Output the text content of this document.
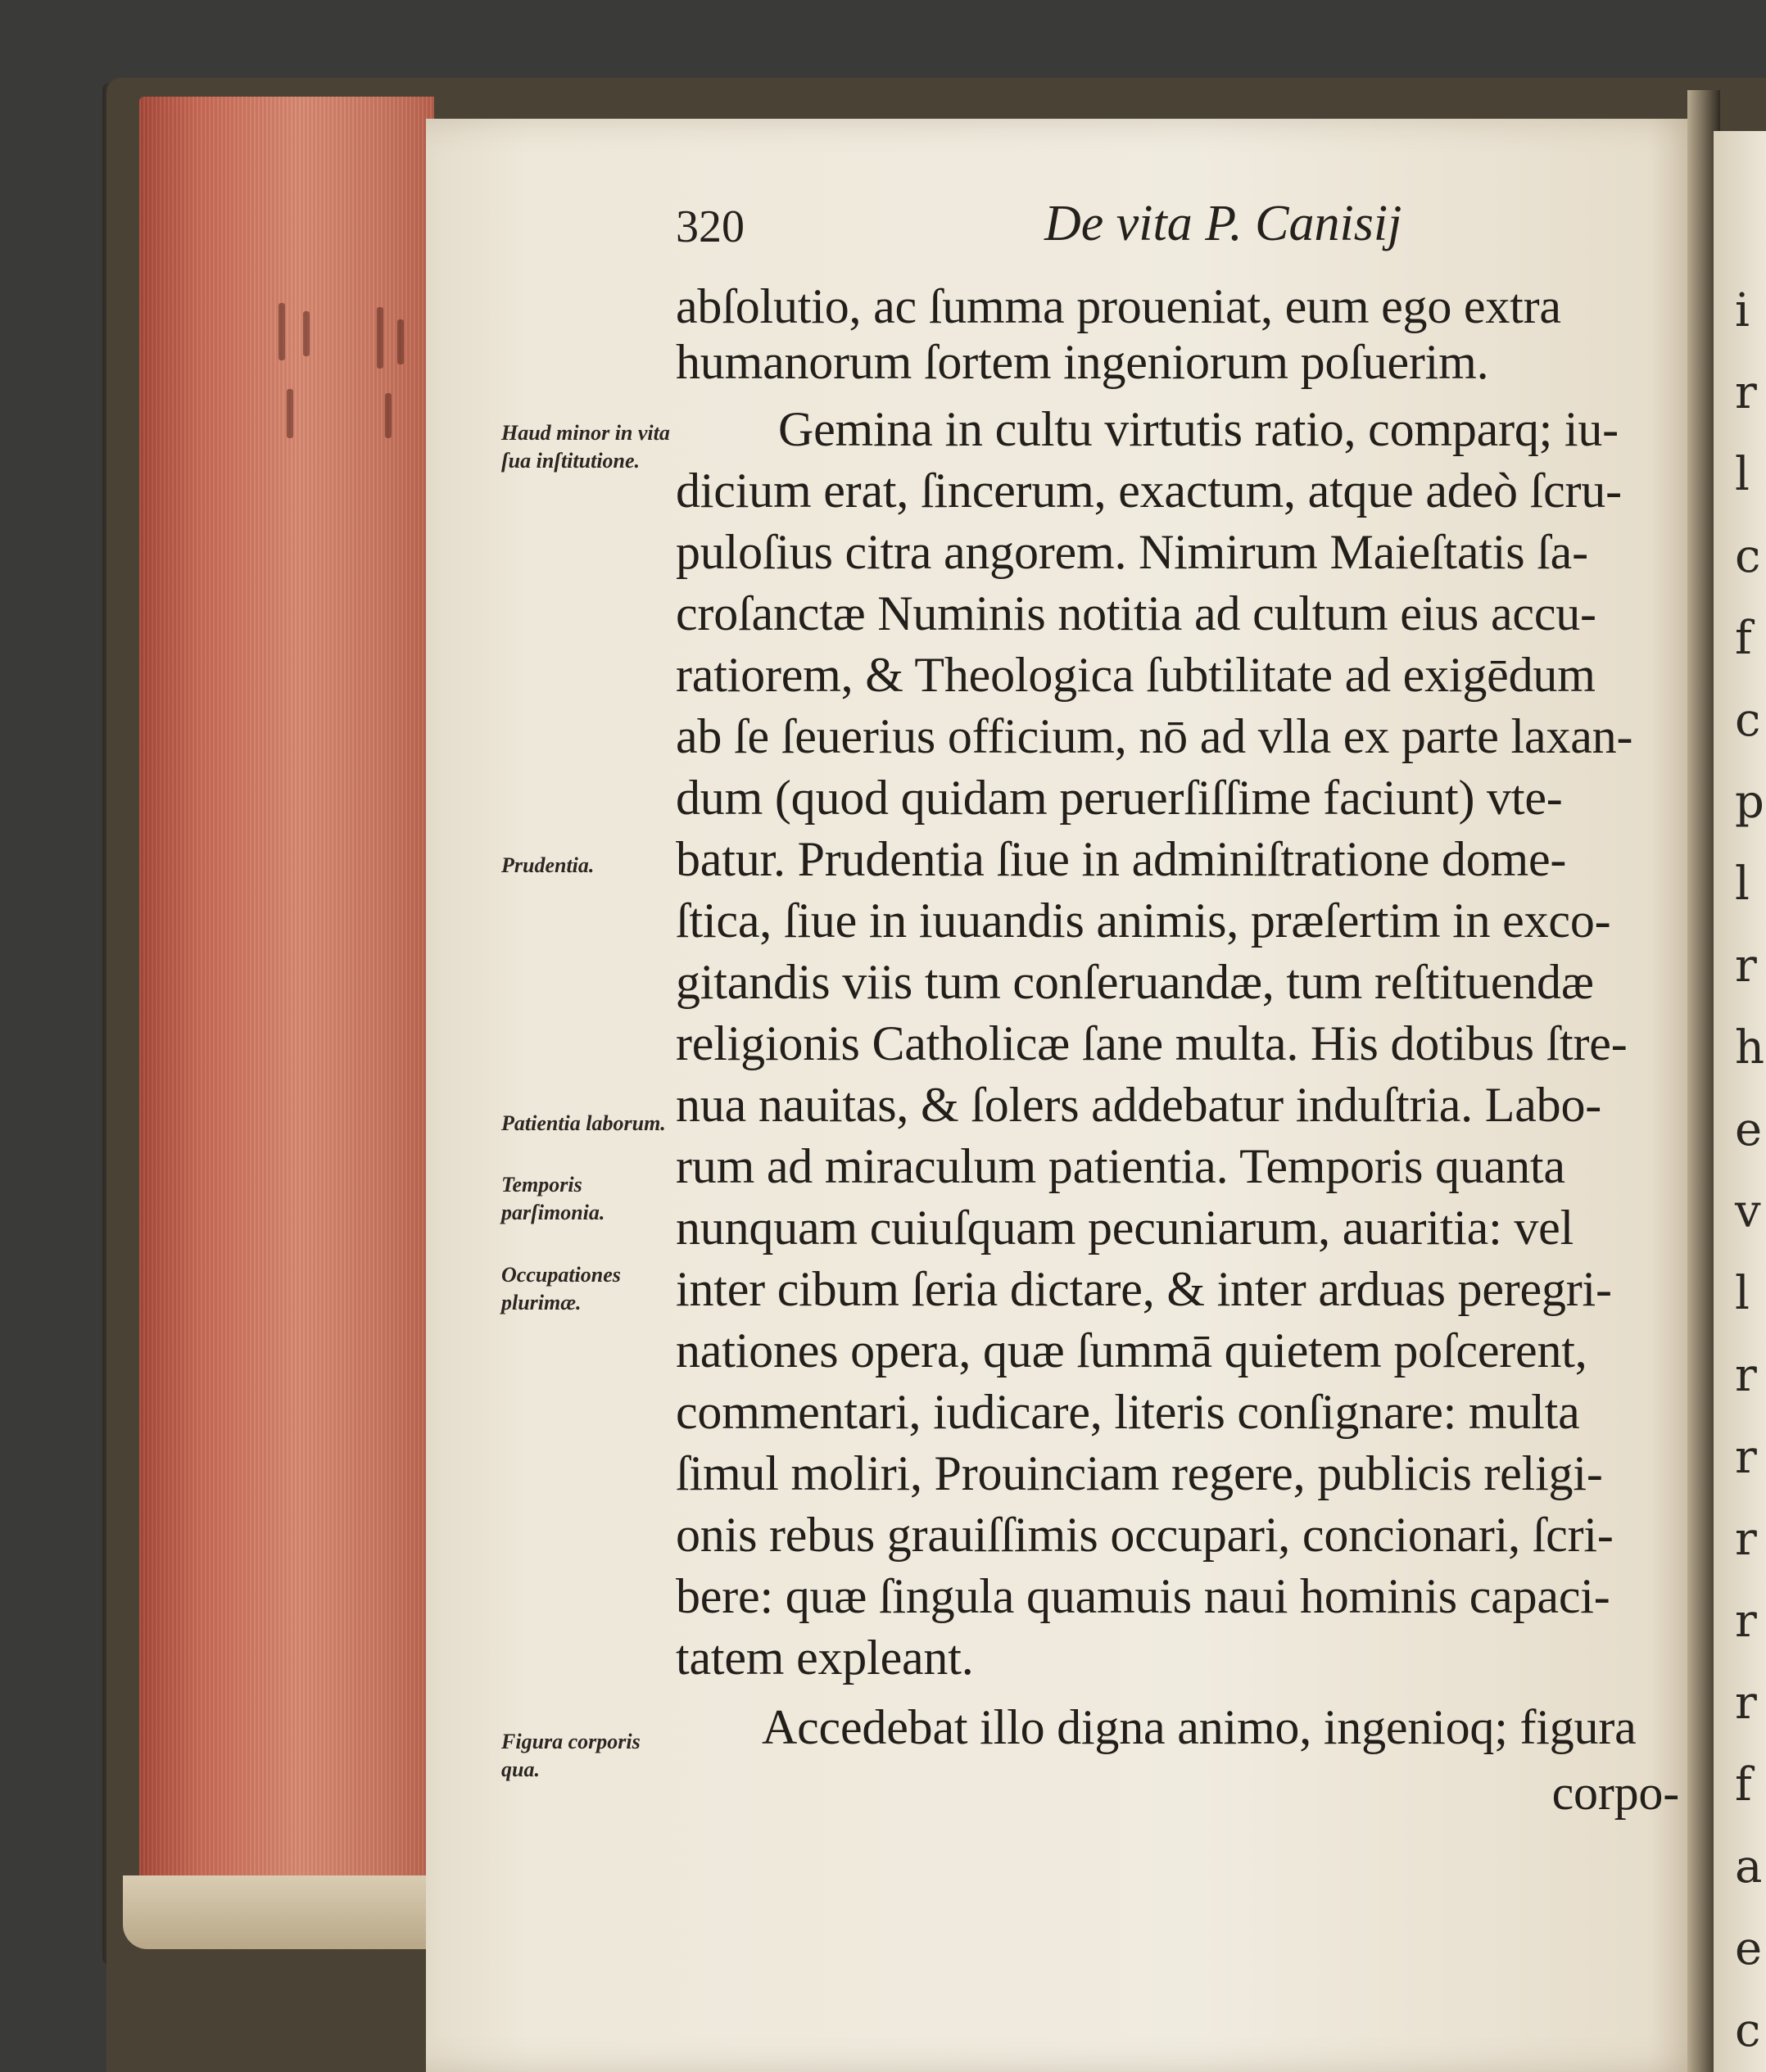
i
r
l
c
f
c
p
l
r
h
e
v
l
r
r
r
r
r
f
a
e
c
320	De vita P. Canisij
abſolutio, ac ſumma proueniat, eum ego extra
humanorum ſortem ingeniorum poſuerim.
Gemina in cultu virtutis ratio, comparq; iu-
dicium erat, ſincerum, exactum, atque adeò ſcru-
puloſius citra angorem. Nimirum Maieſtatis ſa-
croſanctæ Numinis notitia ad cultum eius accu-
ratiorem, & Theologica ſubtilitate ad exigēdum
ab ſe ſeuerius officium, nō ad vlla ex parte laxan-
dum (quod quidam peruerſiſſime faciunt) vte-
batur. Prudentia ſiue in adminiſtratione dome-
ſtica, ſiue in iuuandis animis, præſertim in exco-
gitandis viis tum conſeruandæ, tum reſtituendæ
religionis Catholicæ ſane multa. His dotibus ſtre-
nua nauitas, & ſolers addebatur induſtria. Labo-
rum ad miraculum patientia. Temporis quanta
nunquam cuiuſquam pecuniarum, auaritia: vel
inter cibum ſeria dictare, & inter arduas peregri-
nationes opera, quæ ſummā quietem poſcerent,
commentari, iudicare, literis conſignare: multa
ſimul moliri, Prouinciam regere, publicis religi-
onis rebus grauiſſimis occupari, concionari, ſcri-
bere: quæ ſingula quamuis naui hominis capaci-
tatem expleant.
Accedebat illo digna animo, ingenioq; figura
corpo-
Haud minor in vita ſua inſtitutione.
Prudentia.
Patientia laborum.
Temporis parſimonia.
Occupationes plurimæ.
Figura corporis qua.
